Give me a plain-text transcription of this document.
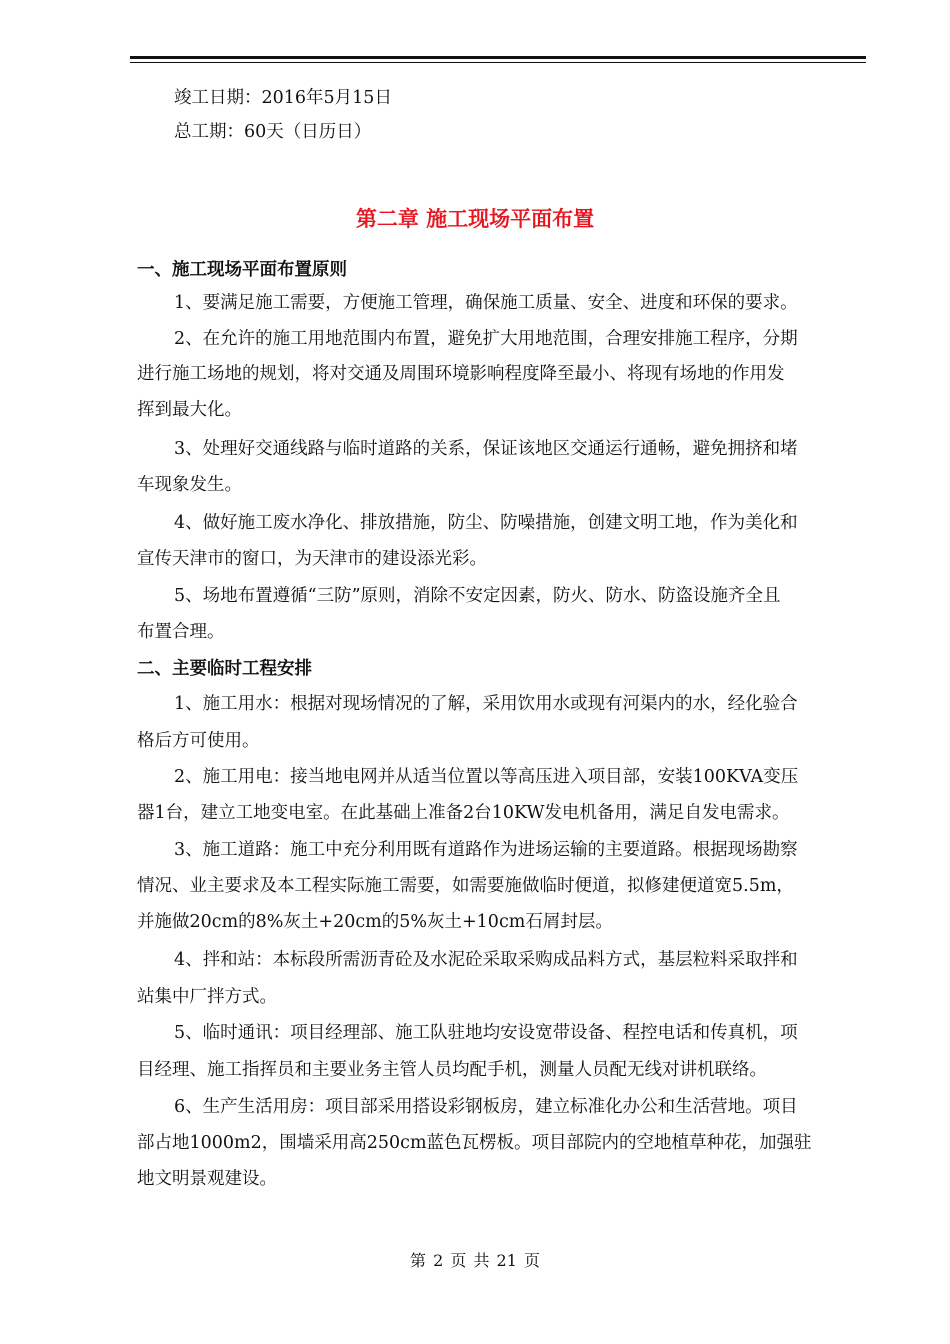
竣工日期：2016年5月15日
总工期：60天（日历日）
第二章 施工现场平面布置
一、施工现场平面布置原则
1、要满足施工需要，方便施工管理，确保施工质量、安全、进度和环保的要求。
2、在允许的施工用地范围内布置，避免扩大用地范围，合理安排施工程序，分期
进行施工场地的规划，将对交通及周围环境影响程度降至最小、将现有场地的作用发
挥到最大化。
3、处理好交通线路与临时道路的关系，保证该地区交通运行通畅，避免拥挤和堵
车现象发生。
4、做好施工废水净化、排放措施，防尘、防噪措施，创建文明工地，作为美化和
宣传天津市的窗口，为天津市的建设添光彩。
5、场地布置遵循“三防”原则，消除不安定因素，防火、防水、防盗设施齐全且
布置合理。
二、主要临时工程安排
1、施工用水：根据对现场情况的了解，采用饮用水或现有河渠内的水，经化验合
格后方可使用。
2、施工用电：接当地电网并从适当位置以等高压进入项目部，安装100KVA变压
器1台，建立工地变电室。在此基础上准备2台10KW发电机备用，满足自发电需求。
3、施工道路：施工中充分利用既有道路作为进场运输的主要道路。根据现场勘察
情况、业主要求及本工程实际施工需要，如需要施做临时便道，拟修建便道宽5.5m，
并施做20cm的8%灰土+20cm的5%灰土+10cm石屑封层。
4、拌和站：本标段所需沥青砼及水泥砼采取采购成品料方式，基层粒料采取拌和
站集中厂拌方式。
5、临时通讯：项目经理部、施工队驻地均安设宽带设备、程控电话和传真机，项
目经理、施工指挥员和主要业务主管人员均配手机，测量人员配无线对讲机联络。
6、生产生活用房：项目部采用搭设彩钢板房，建立标准化办公和生活营地。项目
部占地1000m2，围墙采用高250cm蓝色瓦楞板。项目部院内的空地植草种花，加强驻
地文明景观建设。
第 2 页 共 21 页
